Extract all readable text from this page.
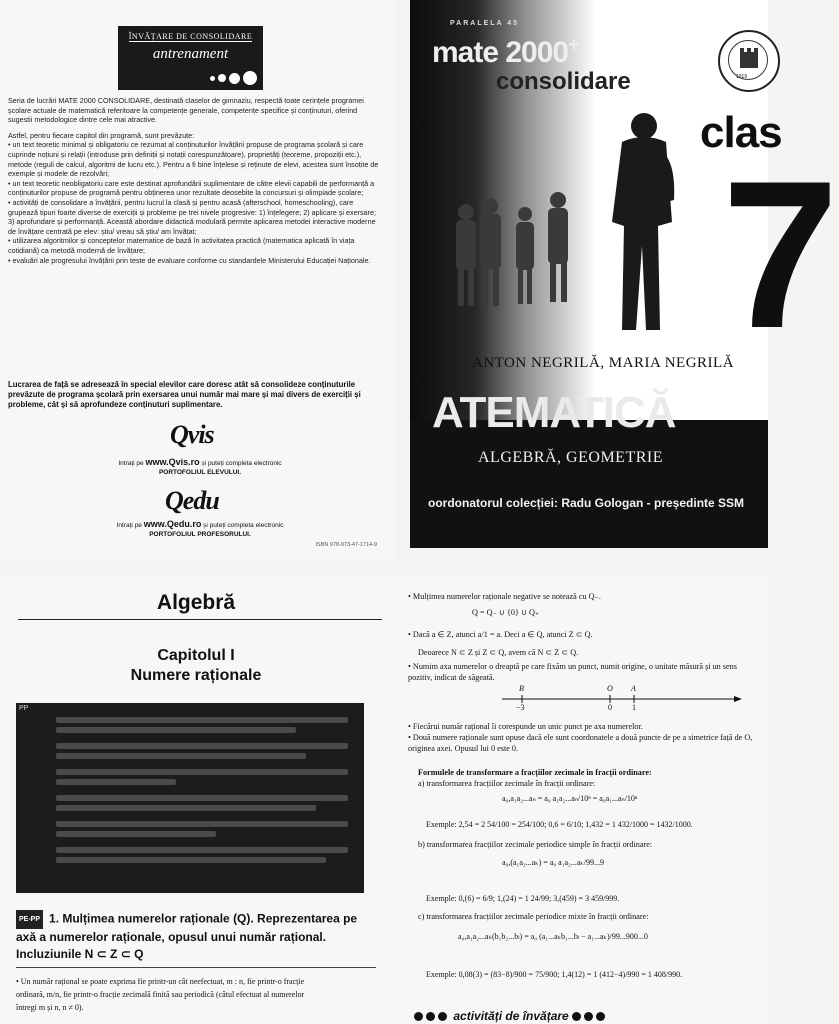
ÎNVĂȚARE DE CONSOLIDARE
antrenament

Seria de lucrări MATE 2000 CONSOLIDARE, destinată claselor de gimnaziu, respectă toate cerințele programei școlare actuale de matematică referitoare la competențe generale, competențe specifice și conținuturi, oferind sugestii metodologice dintre cele mai atractive.

Astfel, pentru fiecare capitol din programă, sunt prevăzute:

• un text teoretic minimal și obligatoriu ce rezumat al conținuturilor învățării propuse de programa școlară și care cuprinde noțiuni și relații (introduse prin definiții și notații corespunzătoare), proprietăți (teoreme, propoziții etc.), metode (reguli de calcul, algoritmi de lucru etc.). Pentru a fi bine înțelese și reținute de elevi, acestea sunt însoțite de exemple și modele de rezolvări;

• un text teoretic neobligatoriu care este destinat aprofundării suplimentare de către elevii capabili de performanță a conținuturilor propuse de programă pentru obținerea unor rezultate deosebite la concursuri și olimpiade școlare;

• activități de consolidare a învățării, pentru lucrul la clasă și pentru acasă (afterschool, homeschooling), care grupează tipuri foarte diverse de exerciții și probleme pe trei nivele progresive: 1) înțelegere; 2) aplicare și exersare; 3) aprofundare și performanță. Această abordare didactică modulară permite aplicarea metodei interactive moderne de învățare centrată pe elev: știu/ vreau să știu/ am învățat;

• utilizarea algoritmilor și conceptelor matematice de bază în activitatea practică (matematica aplicată în viața cotidiană) ca metodă modernă de învățare;

• evaluări ale progresului învățării prin teste de evaluare conforme cu standardele Ministerului Educației Naționale.

Lucrarea de față se adresează în special elevilor care doresc atât să consolideze conținuturile prevăzute de programa școlară prin exersarea unui număr mai mare și mai divers de exerciții și probleme, cât și să aprofundeze conținuturi suplimentare.
Qvis
Intrați pe www.Qvis.ro și puteți completa electronic
PORTOFOLIUL ELEVULUI.
Qedu
Intrați pe www.Qedu.ro și puteți completa electronic
PORTOFOLIUL PROFESORULUI.
ISBN 978-973-47-1714-9
PARALELA 45
mate 2000+
consolidare	1919
clas
7
ANTON NEGRILĂ, MARIA NEGRILĂ
ATEMATICĂ
ALGEBRĂ, GEOMETRIE
oordonatorul colecției: Radu Gologan - președinte SSM
Algebră
Capitolul I
Numere raționale
PP
PE-PP 1. Mulțimea numerelor raționale (Q). Reprezentarea pe axă a numerelor raționale, opusul unui număr rațional. Incluziunile N ⊂ Z ⊂ Q
• Un număr rațional se poate exprima fie printr-un cât neefectuat, m : n, fie printr-o fracție
ordinară, m/n, fie printr-o fracție zecimală finită sau periodică (câtul efectuat al numerelor
întregi m și n, n ≠ 0).
• Mulțimea numerelor raționale negative se notează cu Q₋.
Q = Q₋ ∪ {0} ∪ Q₊
• Dacă a ∈ Z, atunci a/1 = a. Deci a ∈ Q, atunci Z ⊂ Q.
Deoarece N ⊂ Z și Z ⊂ Q, avem că N ⊂ Z ⊂ Q.
• Numim axa numerelor o dreaptă pe care fixăm un punct, numit origine, o unitate măsură și un sens pozitiv, indicat de săgeată.
B	O A
−3	0	1
• Fiecărui număr rațional îi corespunde un unic punct pe axa numerelor.
• Două numere raționale sunt opuse dacă ele sunt coordonatele a două puncte de pe a simetrice față de O, originea axei. Opusul lui 0 este 0.
Formulele de transformare a fracțiilor zecimale în fracții ordinare:
a) transformarea fracțiilor zecimale în fracții ordinare:
a₀,a₁a₂...aₙ = a₀ a₁a₂...aₙ/10ⁿ = a₀a₁...aₙ/10ⁿ
Exemple: 2,54 = 2 54/100 = 254/100; 0,6 = 6/10; 1,432 = 1 432/1000 = 1432/1000.
b) transformarea fracțiilor zecimale periodice simple în fracții ordinare:
a₀,(a₁a₂...aₖ) = a₀ a₁a₂...aₖ/99...9
Exemple: 0,(6) = 6/9; 1,(24) = 1 24/99; 3,(459) = 3 459/999.
c) transformarea fracțiilor zecimale periodice mixte în fracții ordinare:
a₀,a₁a₂...aₖ(b₁b₂...bₗ) = a₀ (a₁...aₖb₁...bₗ − a₁...aₖ)/99...900...0
Exemple: 0,08(3) = (83−8)/900 = 75/900; 1,4(12) = 1 (412−4)/990 = 1 408/990.
activități de învățare
